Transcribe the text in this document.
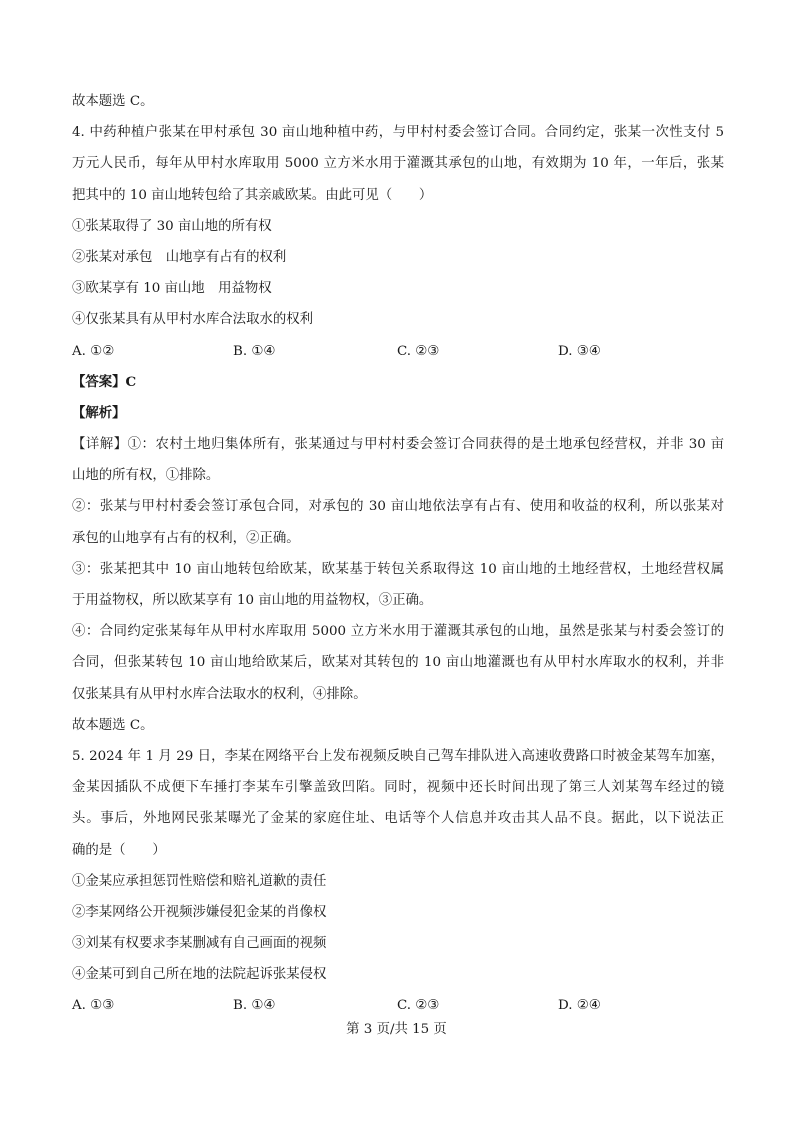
故本题选 C。
4. 中药种植户张某在甲村承包 30 亩山地种植中药，与甲村村委会签订合同。合同约定，张某一次性支付 5
万元人民币，每年从甲村水库取用 5000 立方米水用于灌溉其承包的山地，有效期为 10 年，一年后，张某
把其中的 10 亩山地转包给了其亲戚欧某。由此可见（　　）
①张某取得了 30 亩山地的所有权
②张某对承包　山地享有占有的权利
③欧某享有 10 亩山地　用益物权
④仅张某具有从甲村水库合法取水的权利
A. ①②	B. ①④	C. ②③	D. ③④
【答案】C
【解析】
【详解】①：农村土地归集体所有，张某通过与甲村村委会签订合同获得的是土地承包经营权，并非 30 亩
山地的所有权，①排除。
②：张某与甲村村委会签订承包合同，对承包的 30 亩山地依法享有占有、使用和收益的权利，所以张某对
承包的山地享有占有的权利，②正确。
③：张某把其中 10 亩山地转包给欧某，欧某基于转包关系取得这 10 亩山地的土地经营权，土地经营权属
于用益物权，所以欧某享有 10 亩山地的用益物权，③正确。
④：合同约定张某每年从甲村水库取用 5000 立方米水用于灌溉其承包的山地，虽然是张某与村委会签订的
合同，但张某转包 10 亩山地给欧某后，欧某对其转包的 10 亩山地灌溉也有从甲村水库取水的权利，并非
仅张某具有从甲村水库合法取水的权利，④排除。
故本题选 C。
5. 2024 年 1 月 29 日，李某在网络平台上发布视频反映自己驾车排队进入高速收费路口时被金某驾车加塞，
金某因插队不成便下车捶打李某车引擎盖致凹陷。同时，视频中还长时间出现了第三人刘某驾车经过的镜
头。事后，外地网民张某曝光了金某的家庭住址、电话等个人信息并攻击其人品不良。据此，以下说法正
确的是（　　）
①金某应承担惩罚性赔偿和赔礼道歉的责任
②李某网络公开视频涉嫌侵犯金某的肖像权
③刘某有权要求李某删减有自己画面的视频
④金某可到自己所在地的法院起诉张某侵权
A. ①③	B. ①④	C. ②③	D. ②④
第 3 页/共 15 页
